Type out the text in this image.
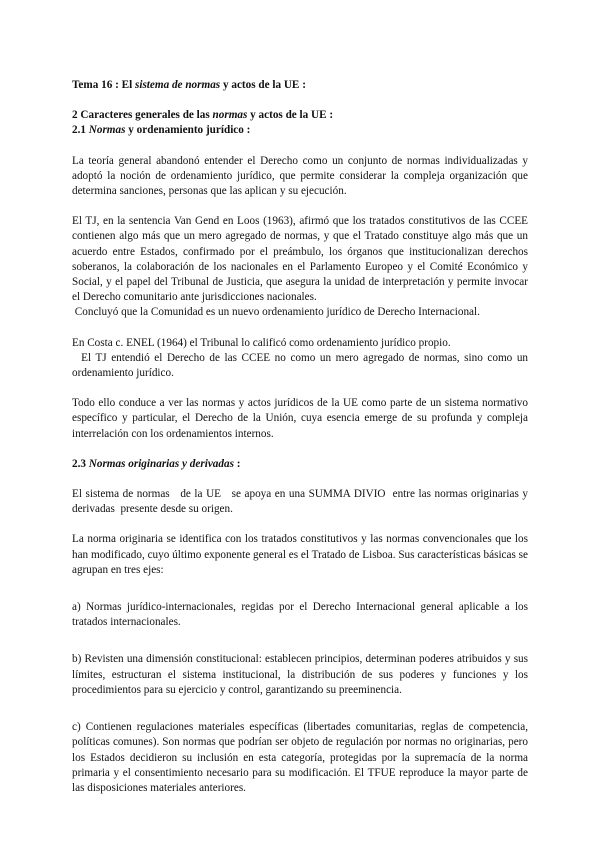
Tema 16 : El sistema de normas y actos de la UE :
2 Caracteres generales de las normas y actos de la UE :
2.1 Normas y ordenamiento jurídico :

La teoría general abandonó entender el Derecho como un conjunto de normas individualizadas y adoptó la noción de ordenamiento jurídico, que permite considerar la compleja organización que determina sanciones, personas que las aplican y su ejecución.

El TJ, en la sentencia Van Gend en Loos (1963), afirmó que los tratados constitutivos de las CCEE contienen algo más que un mero agregado de normas, y que el Tratado constituye algo más que un acuerdo entre Estados, confirmado por el preámbulo, los órganos que institucionalizan derechos soberanos, la colaboración de los nacionales en el Parlamento Europeo y el Comité Económico y Social, y el papel del Tribunal de Justicia, que asegura la unidad de interpretación y permite invocar el Derecho comunitario ante jurisdicciones nacionales.

Concluyó que la Comunidad es un nuevo ordenamiento jurídico de Derecho Internacional.

En Costa c. ENEL (1964) el Tribunal lo calificó como ordenamiento jurídico propio.

El TJ entendió el Derecho de las CCEE no como un mero agregado de normas, sino como un ordenamiento jurídico.

Todo ello conduce a ver las normas y actos jurídicos de la UE como parte de un sistema normativo específico y particular, el Derecho de la Unión, cuya esencia emerge de su profunda y compleja interrelación con los ordenamientos internos.

2.3 Normas originarias y derivadas :

El sistema de normas   de la UE   se apoya en una SUMMA DIVIO  entre las normas originarias y derivadas  presente desde su origen.

La norma originaria se identifica con los tratados constitutivos y las normas convencionales que los han modificado, cuyo último exponente general es el Tratado de Lisboa. Sus características básicas se agrupan en tres ejes:

a) Normas jurídico-internacionales, regidas por el Derecho Internacional general aplicable a los tratados internacionales.

b) Revisten una dimensión constitucional: establecen principios, determinan poderes atribuidos y sus límites, estructuran el sistema institucional, la distribución de sus poderes y funciones y los procedimientos para su ejercicio y control, garantizando su preeminencia.

c) Contienen regulaciones materiales específicas (libertades comunitarias, reglas de competencia, políticas comunes). Son normas que podrían ser objeto de regulación por normas no originarias, pero los Estados decidieron su inclusión en esta categoría, protegidas por la supremacía de la norma primaria y el consentimiento necesario para su modificación. El TFUE reproduce la mayor parte de las disposiciones materiales anteriores.
